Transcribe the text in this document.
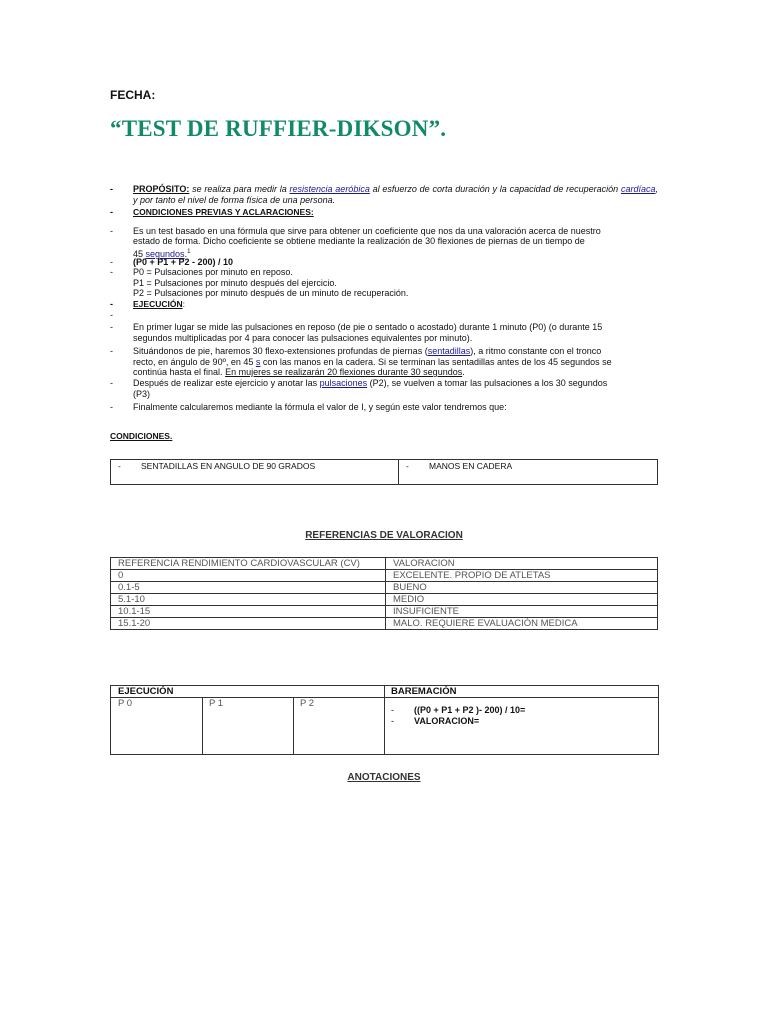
FECHA:
“TEST DE RUFFIER-DIKSON”.
- PROPÓSITO: se realiza para medir la resistencia aeróbica al esfuerzo de corta duración y la capacidad de recuperación cardíaca, y por tanto el nivel de forma física de una persona.
- CONDICIONES PREVIAS Y ACLARACIONES:
- Es un test basado en una fórmula que sirve para obtener un coeficiente que nos da una valoración acerca de nuestro
estado de forma. Dicho coeficiente se obtiene mediante la realización de 30 flexiones de piernas de un tiempo de
45 segundos.$^1$
- (P0 + P1 + P2 - 200) / 10
- P0 = Pulsaciones por minuto en reposo.
P1 = Pulsaciones por minuto después del ejercicio.
P2 = Pulsaciones por minuto después de un minuto de recuperación.
- EJECUCIÓN:
-
- En primer lugar se mide las pulsaciones en reposo (de pie o sentado o acostado) durante 1 minuto (P0) (o durante 15
segundos multiplicadas por 4 para conocer las pulsaciones equivalentes por minuto).
- Situándonos de pie, haremos 30 flexo-extensiones profundas de piernas (sentadillas), a ritmo constante con el tronco
recto, en ángulo de 90º, en 45 s con las manos en la cadera. Si se terminan las sentadillas antes de los 45 segundos se
continúa hasta el final. En mujeres se realizarán 20 flexiones durante 30 segundos.
- Después de realizar este ejercicio y anotar las pulsaciones (P2), se vuelven a tomar las pulsaciones a los 30 segundos
(P3)
- Finalmente calcularemos mediante la fórmula el valor de I, y según este valor tendremos que:
CONDICIONES.
- SENTADILLAS EN ANGULO DE 90 GRADOS	- MANOS EN CADERA
REFERENCIAS DE VALORACION
REFERENCIA RENDIMIENTO CARDIOVASCULAR (CV)	VALORACION
0	EXCELENTE. PROPIO DE ATLETAS
0.1-5	BUENO
5.1-10	MEDIO
10.1-15	INSUFICIENTE
15.1-20	MALO. REQUIERE EVALUACIÓN MEDICA
EJECUCIÓN	BAREMACIÓN
P 0	P 1	P 2
- ((P0 + P1 + P2 )- 200) / 10=
- VALORACION=
ANOTACIONES
